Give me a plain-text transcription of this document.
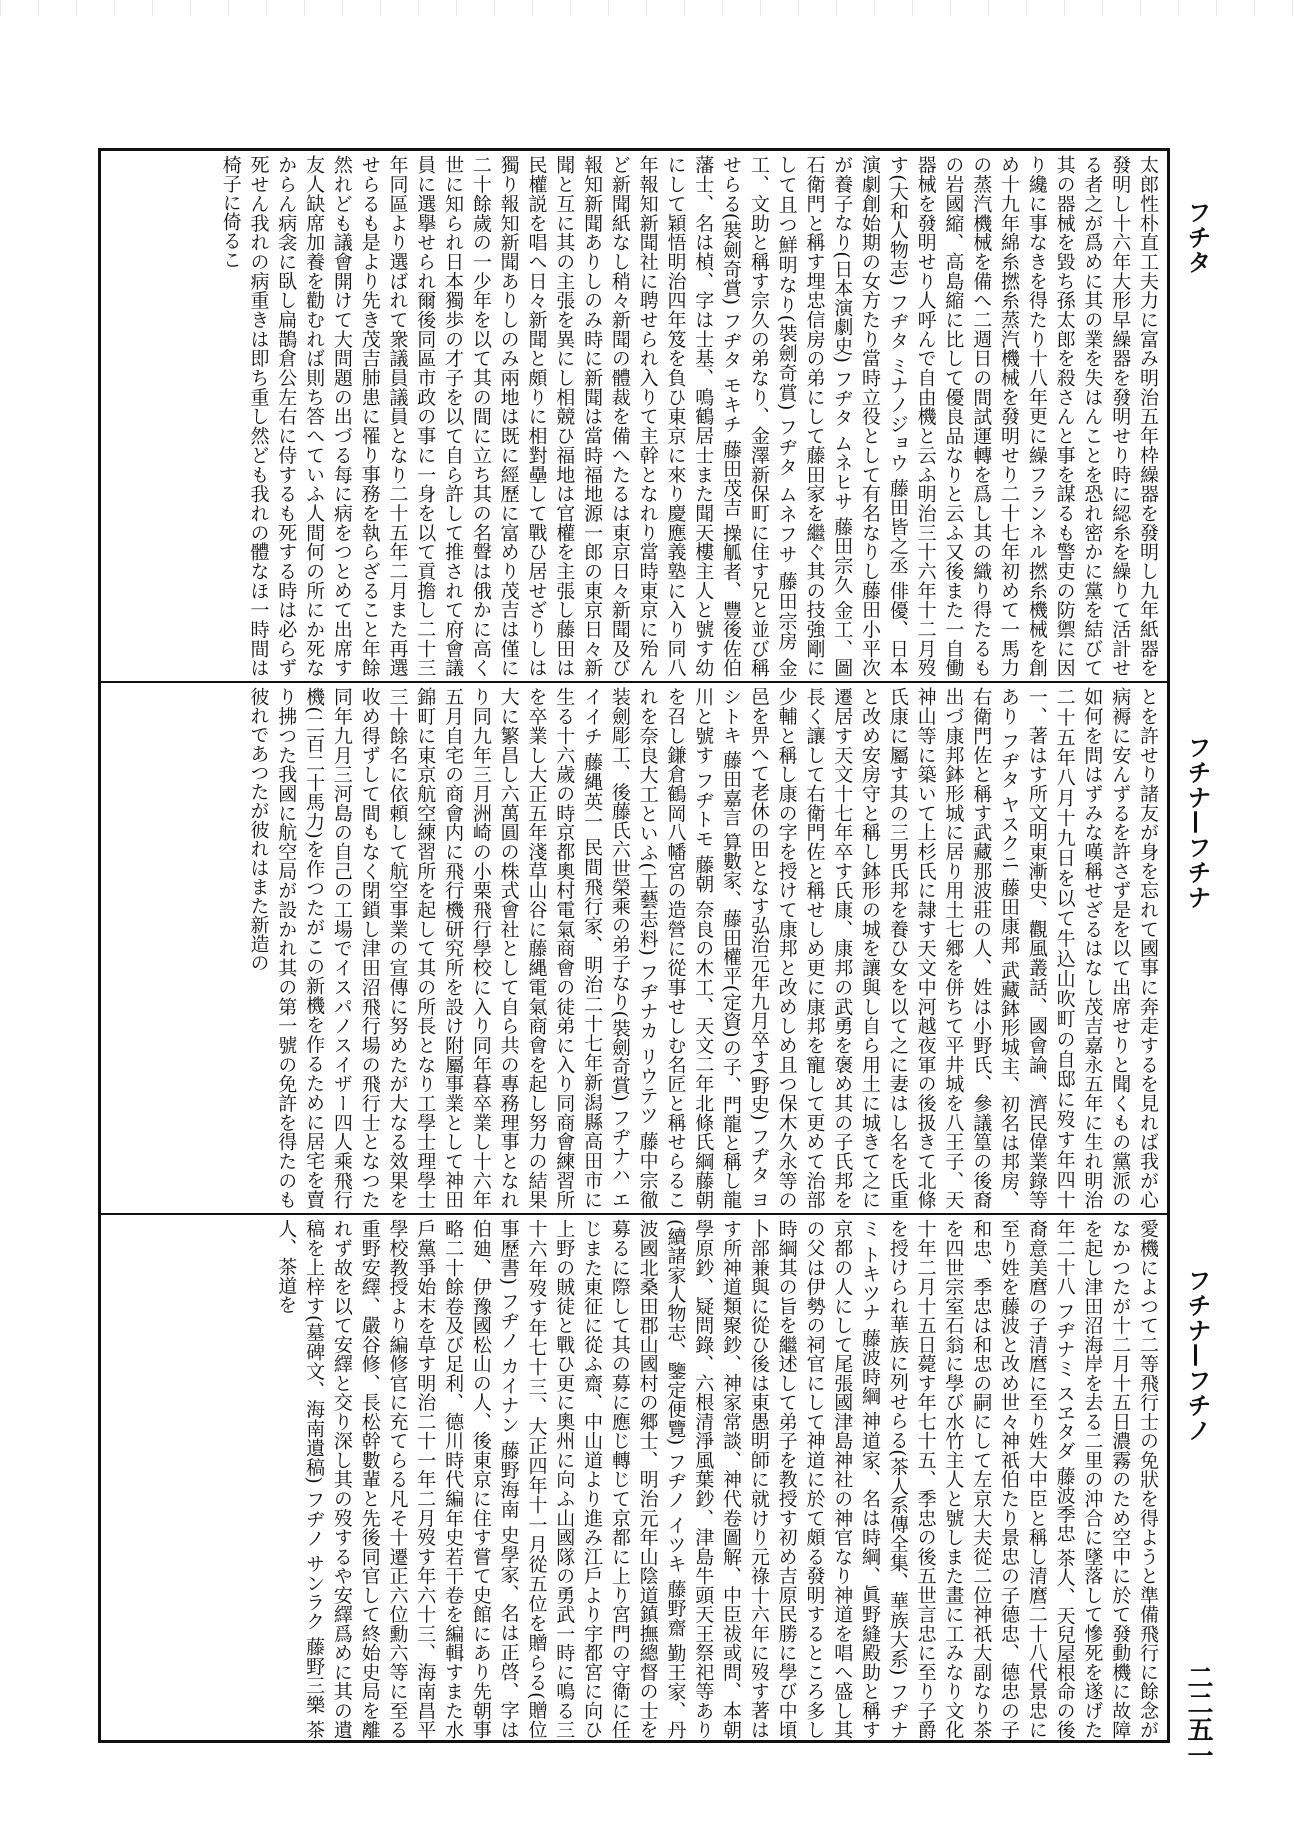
太郎性朴直工夫力に富み明治五年枠繰器を發明し九年紙器を發明し十六年大形早繰器を發明せり時に綛糸を繰りて活計せる者之が爲めに其の業を失はんことを恐れ密かに黨を結びて其の器械を毀ち孫太郎を殺さんと事を謀るも警吏の防禦に因り纔に事なきを得たり十八年更に繰フランネル撚糸機械を創め十九年綿糸撚糸蒸汽機械を發明せり二十七年初めて一馬力の蒸汽機械を備へ二週日の間試運轉を爲し其の織り得たるもの岩國縮、高島縮に比して優良品なりと云ふ又後また一自働器械を發明せり人呼んで自由機と云ふ明治三十六年十二月歿す(大和人物志) フヂタ ミナノジョウ 藤田皆之丞 俳優、日本演劇創始期の女方たり當時立役として有名なりし藤田小平次が養子なり(日本演劇史) フヂタ ムネヒサ 藤田宗久 金工、圖石衛門と稱す埋忠信房の弟にして藤田家を繼ぐ其の技強剛にして且つ鮮明なり(裝劍奇賞) フヂタ ムネフサ 藤田宗房 金工、文助と稱す宗久の弟なり、金澤新保町に住す兄と並び稱せらる(裝劍奇賞) フヂタ モキチ 藤田茂吉 操觚者、豐後佐伯藩士、名は楨、字は士基、鳴鶴居士また聞天樓主人と號す幼にして穎悟明治四年笈を負ひ東京に來り慶應義塾に入り同八年報知新聞社に聘せられ入りて主幹となれり當時東京に殆んど新聞紙なし稍々新聞の體裁を備へたるは東京日々新聞及び報知新聞ありしのみ時に新聞は當時福地源一郎の東京日々新聞と互に其の主張を異にし相競ひ福地は官權を主張し藤田は民權説を唱へ日々新聞と頗りに相對壘して戰ひ居せざりしは獨り報知新聞ありしのみ兩地は既に經歷に富めり茂吉は僅に二十餘歲の一少年を以て其の間に立ち其の名聲は俄かに高く世に知られ日本獨歩の才子を以て自ら許して推されて府會議員に選擧せられ爾後同區市政の事に一身を以て貢擔し二十三年同區より選ばれて衆議員議員となり二十五年二月また再選せらるも是より先き茂吉肺患に罹り事務を執らざること年餘然れども議會開けて大問題の出づる每に病をつとめて出席す友人缺席加養を勸むれば則ち答へていふ人間何の所にか死なからん病衾に臥し扁鵲倉公左右に侍するも死する時は必らず死せん我れの病重きは即ち重し然ども我れの體なほ一時間は椅子に倚るこ
とを許せり諸友が身を忘れて國事に奔走するを見れば我が心病褥に安んずるを許さず是を以て出席せりと聞くもの黨派の如何を問はずみな嘆稱せざるはなし茂吉嘉永五年に生れ明治二十五年八月十九日を以て牛込山吹町の自邸に歿す年四十一、著はす所文明東漸史、觀風叢話、國會論、濟民偉業錄等あり フヂタ ヤスクニ 藤田康邦 武藏鉢形城主、初名は邦房、右衛門佐と稱す武藏那波莊の人、姓は小野氏、參議篁の後裔出づ康邦鉢形城に居り用土七郷を併ちて平井城を八王子、天神山等に築いて上杉氏に隷す天文中河越夜軍の後扱きて北條氏康に屬す其の三男氏邦を養ひ女を以て之に妻はし名を氏重と改め安房守と稱し鉢形の城を讓與し自ら用土に城きて之に遷居す天文十七年卒す氏康、康邦の武勇を褒め其の子氏邦を長く讓して右衛門佐と稱せしめ更に康邦を寵して更めて治部少輔と稱し康の字を授けて康邦と改めしめ且つ保木久永等の邑を畀へて老休の田となす弘治元年九月卒す(野史) フヂタ ヨシトキ 藤田嘉言 算數家、藤田權平(定資)の子、門龍と稱し龍川と號す フヂトモ 藤朝 奈良の木工、天文二年北條氏綱藤朝を召し鎌倉鶴岡八幡宮の造營に從事せしむ名匠と稱せらるこれを奈良大工といふ(工藝志料) フヂナカ リウテツ 藤中宗徹 装劍彫工、後藤氏六世榮乘の弟子なり(裝劍奇賞) フヂナハ エイイチ 藤縄英一 民間飛行家、明治二十七年新潟縣高田市に生る十六歲の時京都奧村電氣商會の徒弟に入り同商會練習所を卒業し大正五年淺草山谷に藤縄電氣商會を起し努力の結果大に繁昌し六萬圓の株式會社として自ら共の專務理事となれり同九年三月洲崎の小栗飛行學校に入り同年暮卒業し十六年五月自宅の商會内に飛行機研究所を設け附屬事業として神田錦町に東京航空練習所を起して其の所長となり工學士理學士三十餘名に依頼して航空事業の宣傳に努めたが大なる效果を收め得ずして間もなく閉鎖し津田沼飛行場の飛行士となつた同年九月三河島の自己の工場でイスパノスイザー四人乘飛行機(二百二十馬力)を作つたがこの新機を作るために居宅を賣り拂つた我國に航空局が設かれ其の第一號の免許を得たのも彼れであつたが彼れはまた新造の
愛機によつて二等飛行士の免狀を得ようと準備飛行に餘念がなかつたが十二月十五日濃霧のため空中に於て發動機に故障を起し津田沼海岸を去る二里の沖合に墜落して慘死を遂げた年二十八 フヂナミ スヱタダ 藤波季忠 茶人、天兒屋根命の後裔意美麿の子清麿に至り姓大中臣と稱し清麿二十八代景忠に至り姓を藤波と改め世々神祇伯たり景忠の子德忠、德忠の子和忠、季忠は和忠の嗣にして左京大夫從二位神祇大副なり茶を四世宗室石翁に學び水竹主人と號しまた畫に工みなり文化十年二月十五日薨す年七十五、季忠の後五世言忠に至り子爵を授けられ華族に列せらる(茶人系傳全集、華族大系) フヂナミ トキツナ 藤波時綱 神道家、名は時綱、眞野縫殿助と稱す京都の人にして尾張國津島神社の神官なり神道を唱へ盛し其の父は伊勢の祠官にして神道に於て頗る發明するところ多し時綱其の旨を繼述して弟子を教授す初め吉原民勝に學び中頃卜部兼與に從ひ後は東愚明師に就けり元祿十六年に歿す著はす所神道類聚鈔、神家常談、神代卷圖解、中臣祓或問、本朝學原鈔、疑問錄、六根清淨風葉鈔、津島牛頭天王祭祀等あり(續諸家人物志、鑒定便覽) フヂノ イツキ 藤野齋 勤王家、丹波國北桑田郡山國村の郷士、明治元年山陰道鎮撫總督の士を募るに際して其の募に應じ轉じて京都に上り宮門の守衛に任じまた東征に從ふ齋、中山道より進み江戶より宇都宮に向ひ上野の賊徒と戰ひ更に奧州に向ふ山國隊の勇武一時に鳴る三十六年歿す年七十三、大正四年十一月從五位を贈らる(贈位事歷書) フヂノ カイナン 藤野海南 史學家、名は正啓、字は伯廸、伊豫國松山の人、後東京に住す嘗て史館にあり先朝事略二十餘卷及び足利、德川時代編年史若干卷を編輯すまた水戶黨爭始末を草す明治二十一年二月歿す年六十三、海南昌平學校教授より編修官に充てらる凡そ十遷正六位勳六等に至る重野安繹、嚴谷修、長松幹數輩と先後同官して終始史局を離れず故を以て安繹と交り深し其の歿するや安繹爲めに其の遺稿を上梓す(墓碑文、海南遺稿) フヂノ サンラク 藤野三樂 茶人、茶道を
フチタ
フチナ—フチナ
フチナ—フチノ
二二五一
